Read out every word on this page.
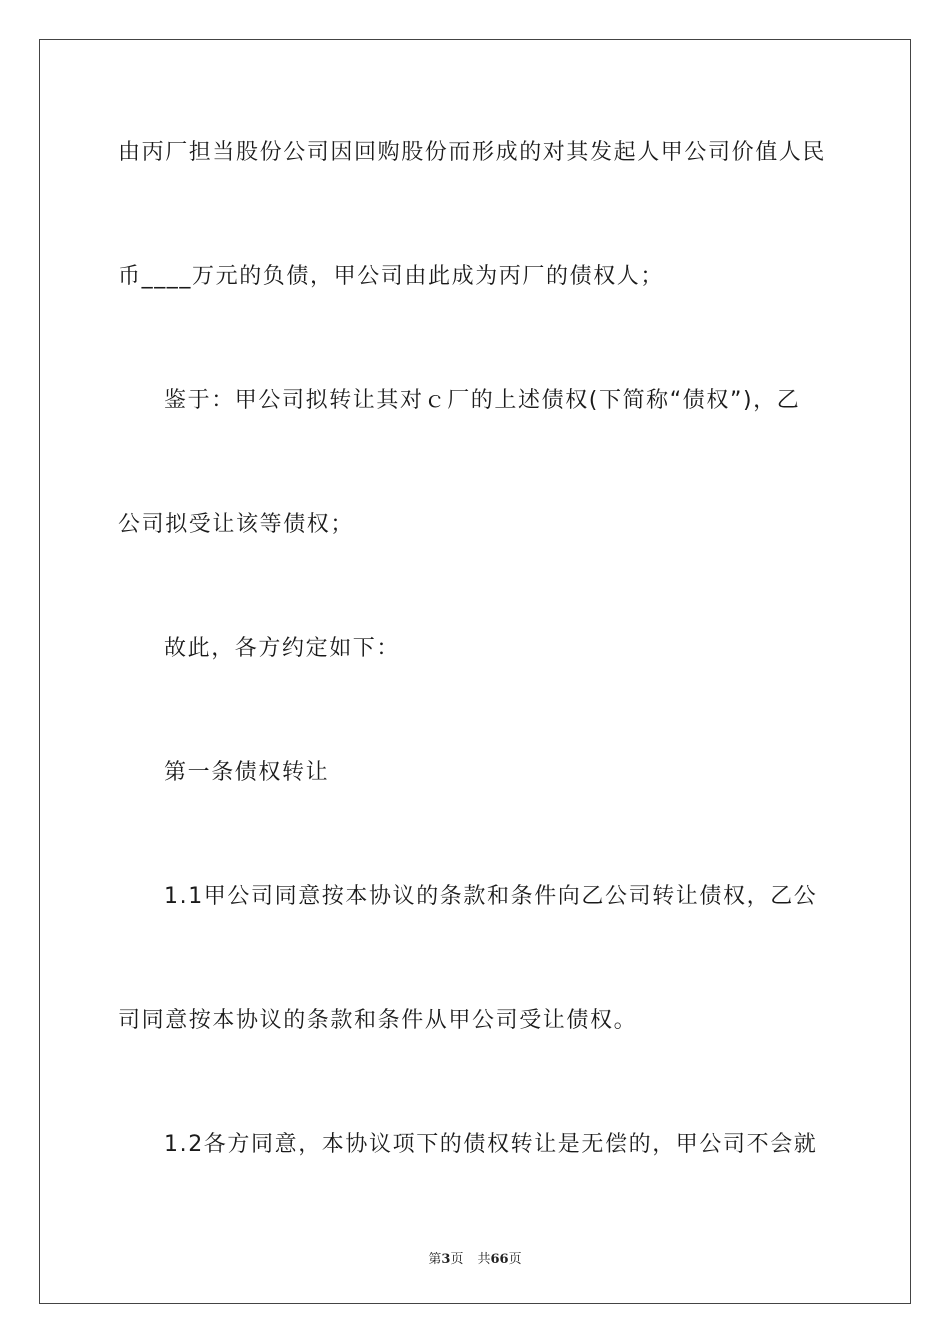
由丙厂担当股份公司因回购股份而形成的对其发起人甲公司价值人民

币____万元的负债，甲公司由此成为丙厂的债权人；

鉴于：甲公司拟转让其对ｃ厂的上述债权(下简称“债权”)，乙

公司拟受让该等债权；

故此，各方约定如下：

第一条债权转让

1.1甲公司同意按本协议的条款和条件向乙公司转让债权，乙公

司同意按本协议的条款和条件从甲公司受让债权。

1.2各方同意，本协议项下的债权转让是无偿的，甲公司不会就

第3页 共66页
